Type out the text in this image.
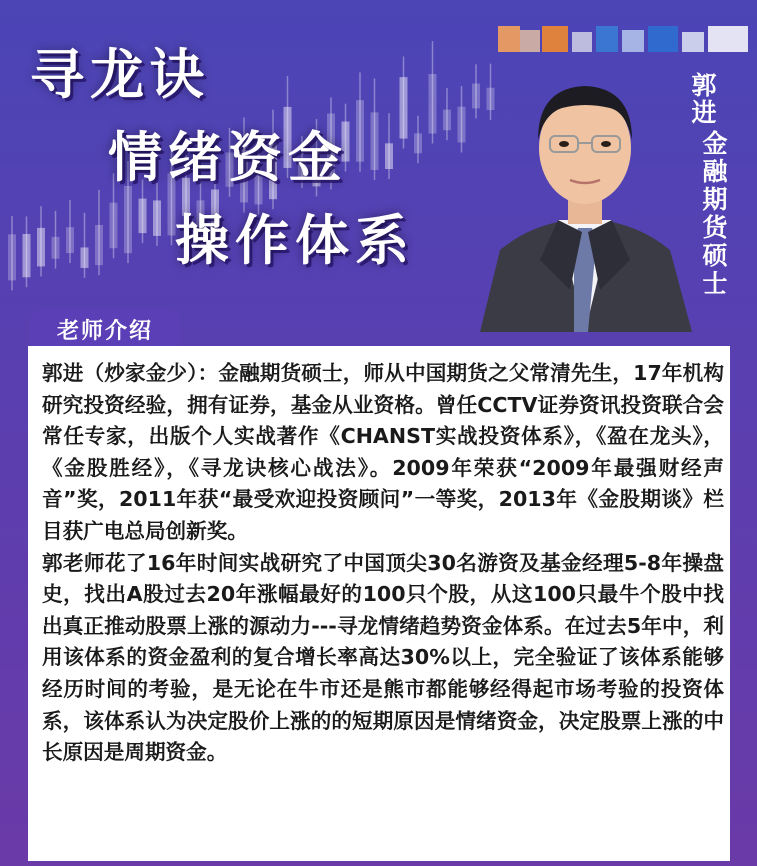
寻龙诀
情绪资金
操作体系
郭进
金融期货硕士
老师介绍

郭进（炒家金少）：金融期货硕士，师从中国期货之父常清先生，17年机构研究投资经验，拥有证券，基金从业资格。曾任CCTV证券资讯投资联合会常任专家，出版个人实战著作《CHANST实战投资体系》，《盈在龙头》，《金股胜经》，《寻龙诀核心战法》。2009年荣获“2009年最强财经声音”奖，2011年获“最受欢迎投资顾问”一等奖，2013年《金股期谈》栏目获广电总局创新奖。

郭老师花了16年时间实战研究了中国顶尖30名游资及基金经理5-8年操盘史，找出A股过去20年涨幅最好的100只个股，从这100只最牛个股中找出真正推动股票上涨的源动力---寻龙情绪趋势资金体系。在过去5年中，利用该体系的资金盈利的复合增长率高达30%以上，完全验证了该体系能够经历时间的考验，是无论在牛市还是熊市都能够经得起市场考验的投资体系，该体系认为决定股价上涨的的短期原因是情绪资金，决定股票上涨的中长原因是周期资金。
